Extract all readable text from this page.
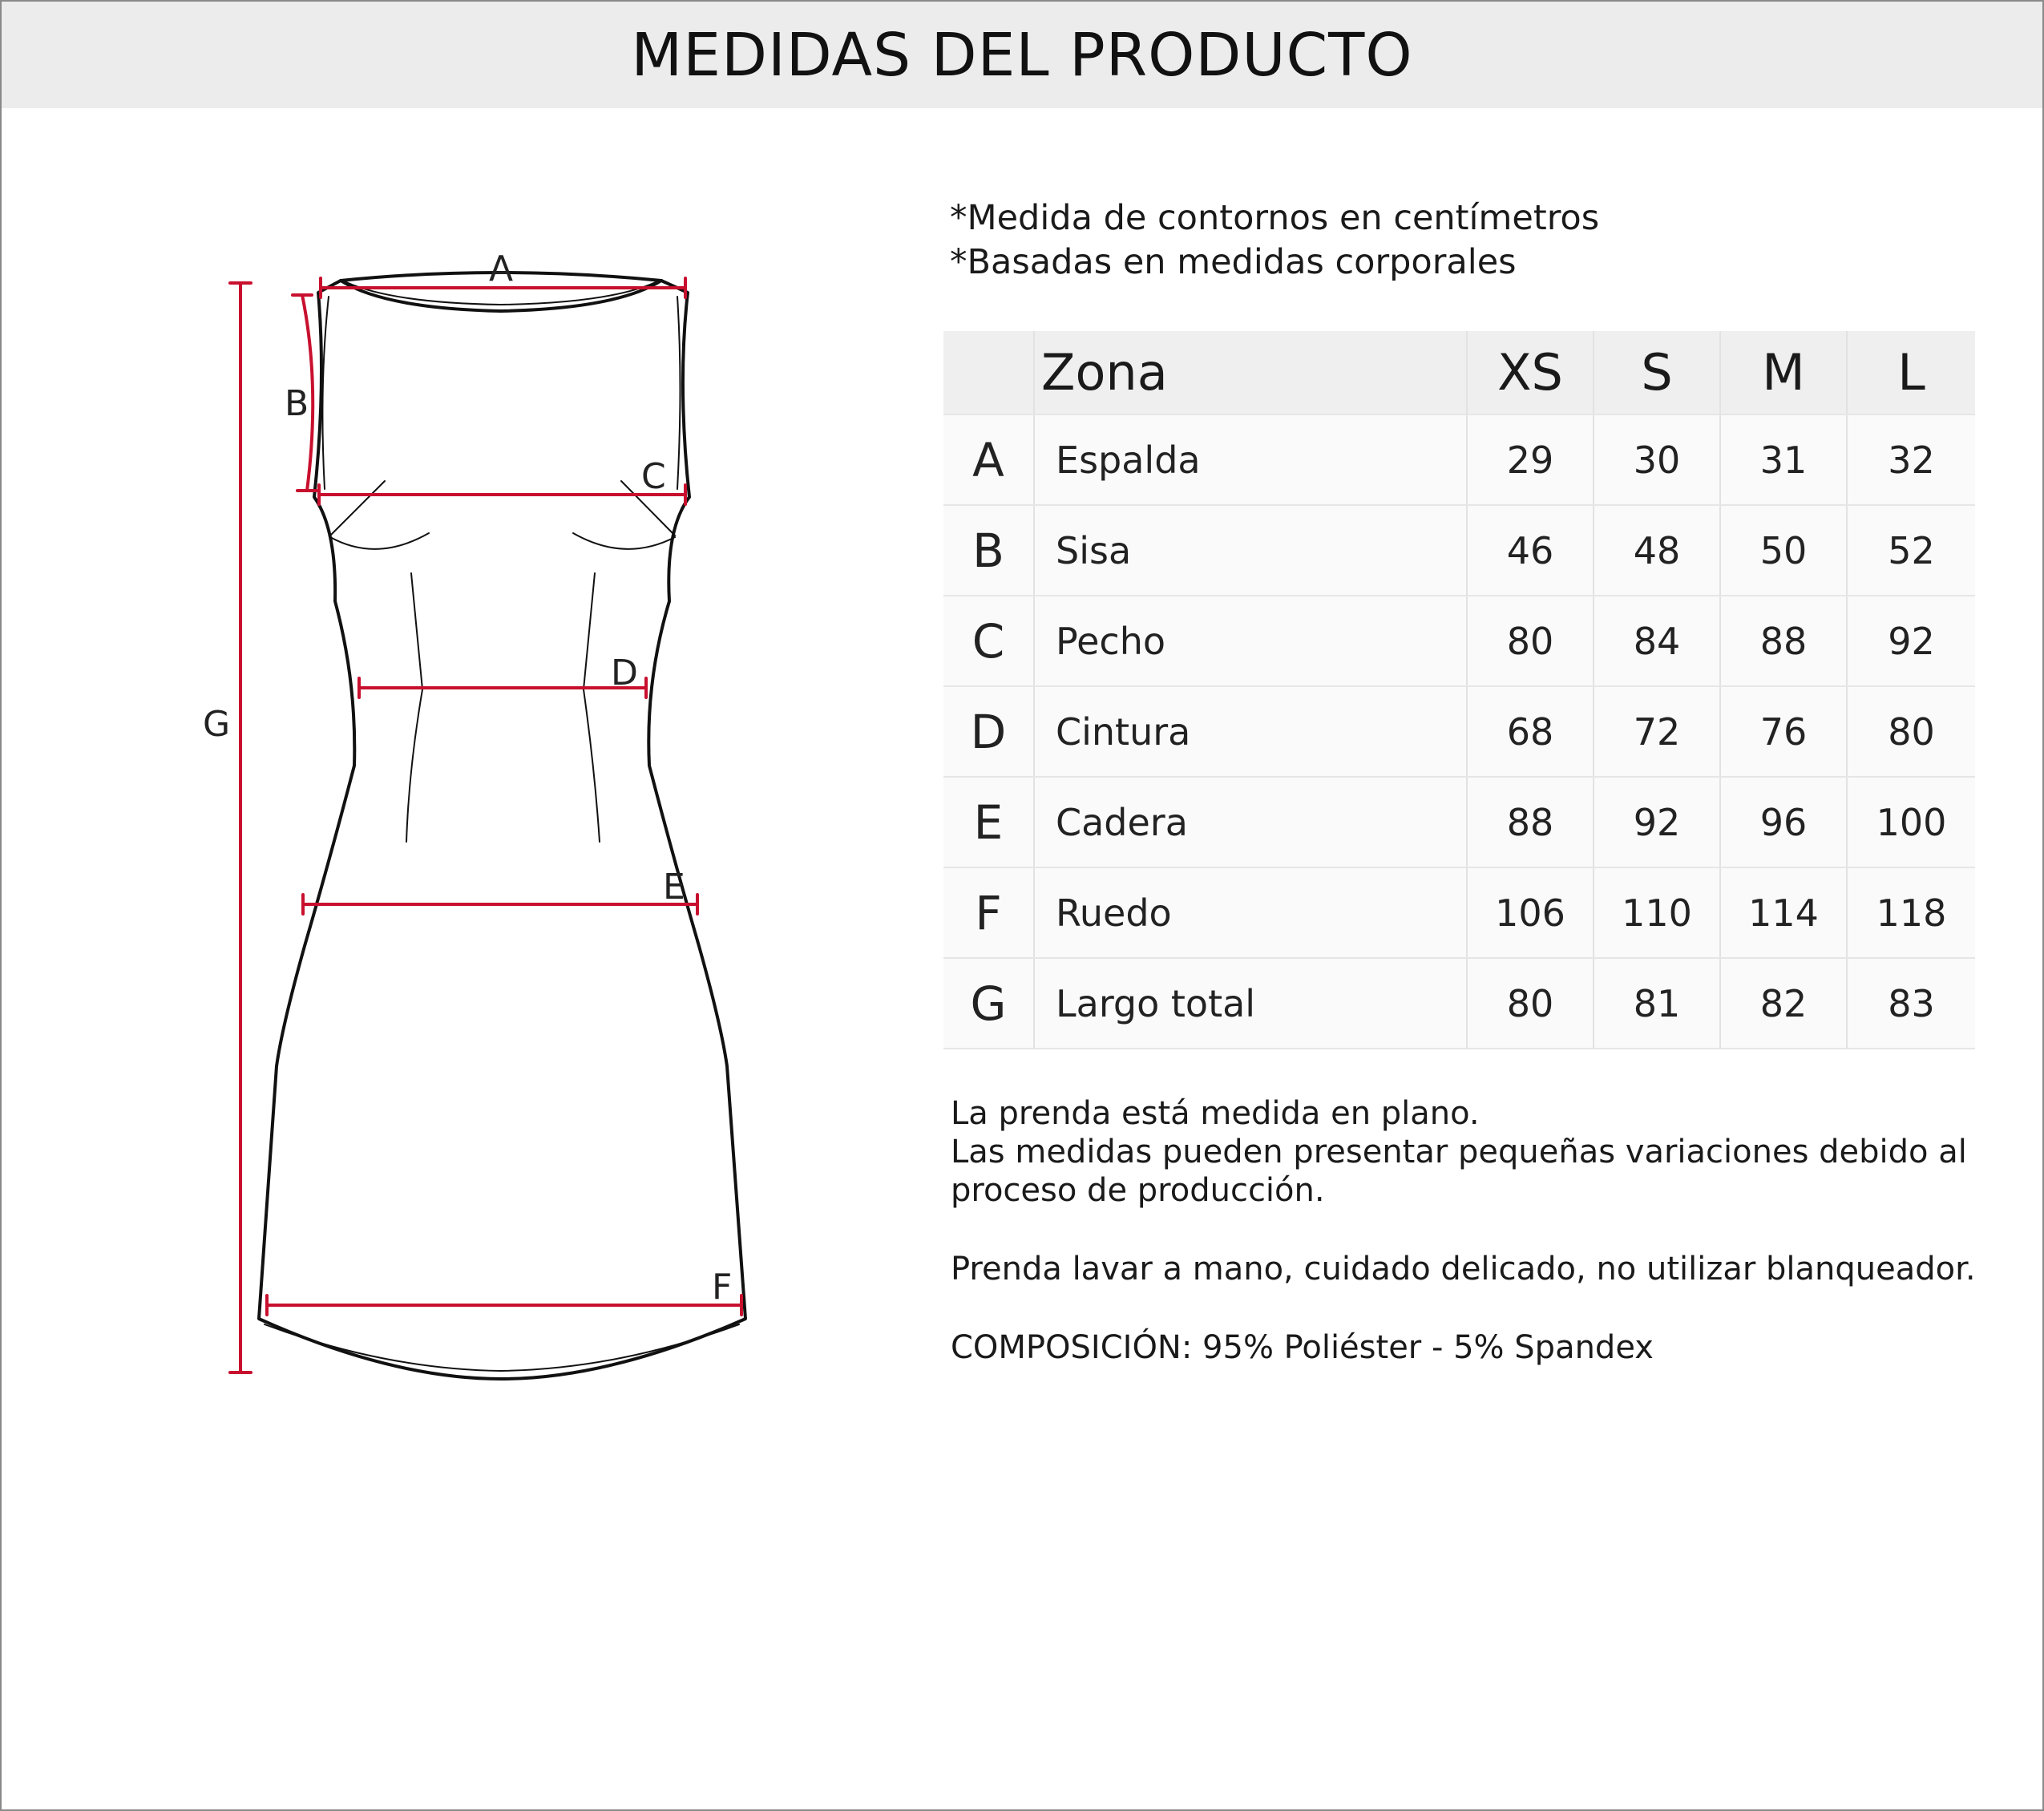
MEDIDAS DEL PRODUCTO
A
B
C
D
E
F
G
*Medida de contornos en centímetros
*Basadas en medidas corporales
	Zona	XS	S	M	L
A	Espalda	29	30	31	32
B	Sisa	46	48	50	52
C	Pecho	80	84	88	92
D	Cintura	68	72	76	80
E	Cadera	88	92	96	100
F	Ruedo	106	110	114	118
G	Largo total	80	81	82	83

La prenda está medida en plano.

Las medidas pueden presentar pequeñas variaciones debido al

proceso de producción.

Prenda lavar a mano, cuidado delicado, no utilizar blanqueador.

COMPOSICIÓN: 95% Poliéster - 5% Spandex
